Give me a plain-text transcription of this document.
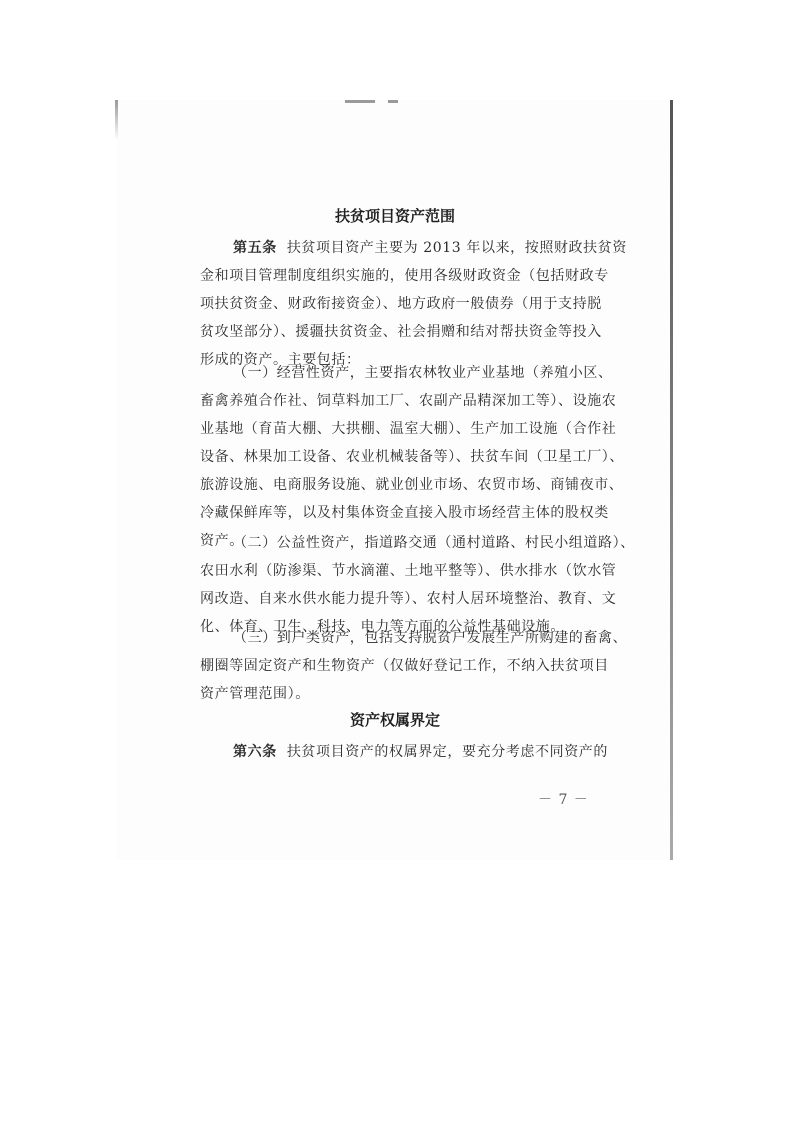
扶贫项目资产范围
第五条 扶贫项目资产主要为 2013 年以来，按照财政扶贫资
金和项目管理制度组织实施的，使用各级财政资金（包括财政专
项扶贫资金、财政衔接资金）、地方政府一般债券（用于支持脱
贫攻坚部分）、援疆扶贫资金、社会捐赠和结对帮扶资金等投入
形成的资产。主要包括：
（一）经营性资产，主要指农林牧业产业基地（养殖小区、
畜禽养殖合作社、饲草料加工厂、农副产品精深加工等）、设施农
业基地（育苗大棚、大拱棚、温室大棚）、生产加工设施（合作社
设备、林果加工设备、农业机械装备等）、扶贫车间（卫星工厂）、
旅游设施、电商服务设施、就业创业市场、农贸市场、商铺夜市、
冷藏保鲜库等，以及村集体资金直接入股市场经营主体的股权类
资产。
（二）公益性资产，指道路交通（通村道路、村民小组道路）、
农田水利（防渗渠、节水滴灌、土地平整等）、供水排水（饮水管
网改造、自来水供水能力提升等）、农村人居环境整治、教育、文
化、体育、卫生、科技、电力等方面的公益性基础设施。
（三）到户类资产，包括支持脱贫户发展生产所购建的畜禽、
棚圈等固定资产和生物资产（仅做好登记工作，不纳入扶贫项目
资产管理范围）。
资产权属界定
第六条 扶贫项目资产的权属界定，要充分考虑不同资产的
－ 7 －
